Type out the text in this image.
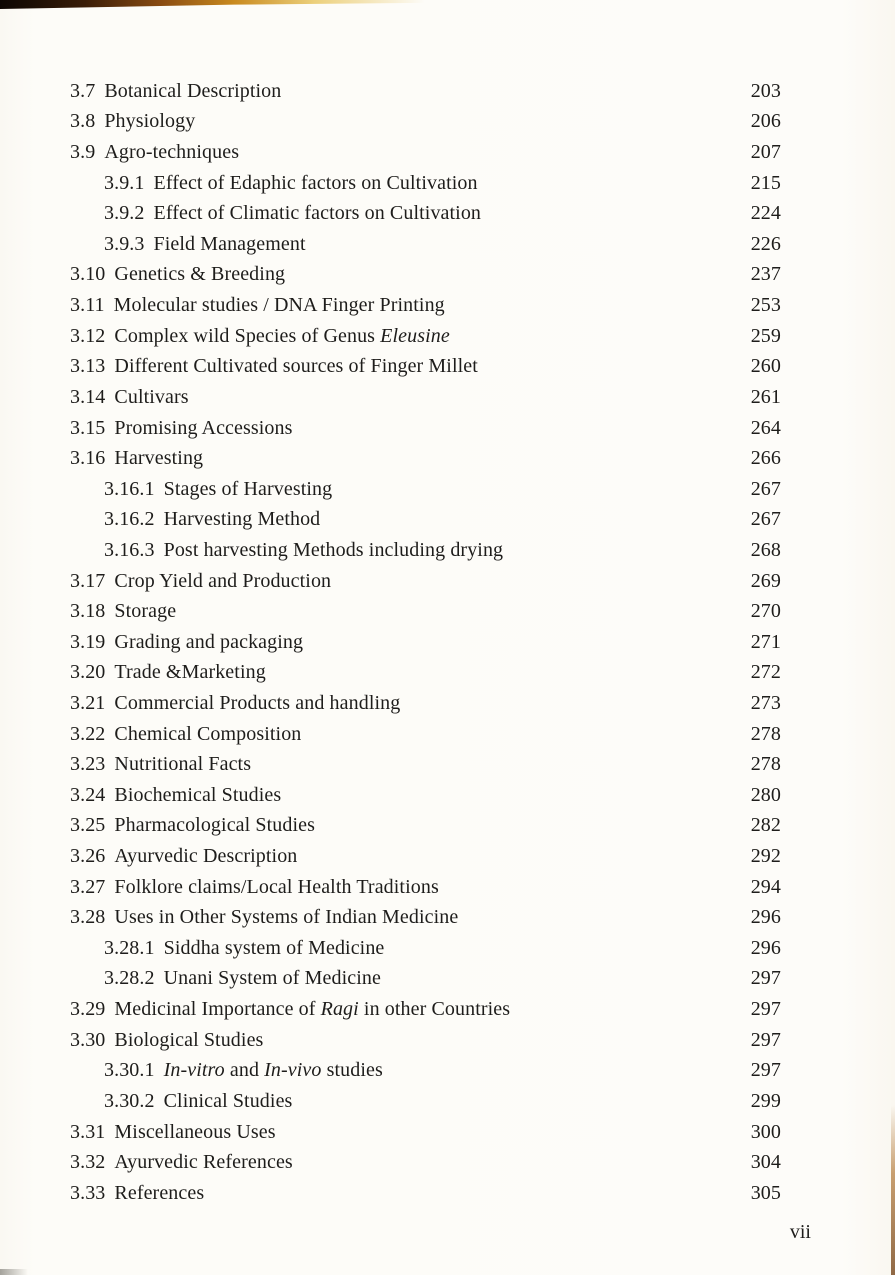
3.7 Botanical Description	203
3.8 Physiology	206
3.9 Agro-techniques	207
3.9.1 Effect of Edaphic factors on Cultivation	215
3.9.2 Effect of Climatic factors on Cultivation	224
3.9.3 Field Management	226
3.10 Genetics & Breeding	237
3.11 Molecular studies / DNA Finger Printing	253
3.12 Complex wild Species of Genus Eleusine	259
3.13 Different Cultivated sources of Finger Millet	260
3.14 Cultivars	261
3.15 Promising Accessions	264
3.16 Harvesting	266
3.16.1 Stages of Harvesting	267
3.16.2 Harvesting Method	267
3.16.3 Post harvesting Methods including drying	268
3.17 Crop Yield and Production	269
3.18 Storage	270
3.19 Grading and packaging	271
3.20 Trade &Marketing	272
3.21 Commercial Products and handling	273
3.22 Chemical Composition	278
3.23 Nutritional Facts	278
3.24 Biochemical Studies	280
3.25 Pharmacological Studies	282
3.26 Ayurvedic Description	292
3.27 Folklore claims/Local Health Traditions	294
3.28 Uses in Other Systems of Indian Medicine	296
3.28.1 Siddha system of Medicine	296
3.28.2 Unani System of Medicine	297
3.29 Medicinal Importance of Ragi in other Countries	297
3.30 Biological Studies	297
3.30.1 In-vitro and In-vivo studies	297
3.30.2 Clinical Studies	299
3.31 Miscellaneous Uses	300
3.32 Ayurvedic References	304
3.33 References	305
vii
